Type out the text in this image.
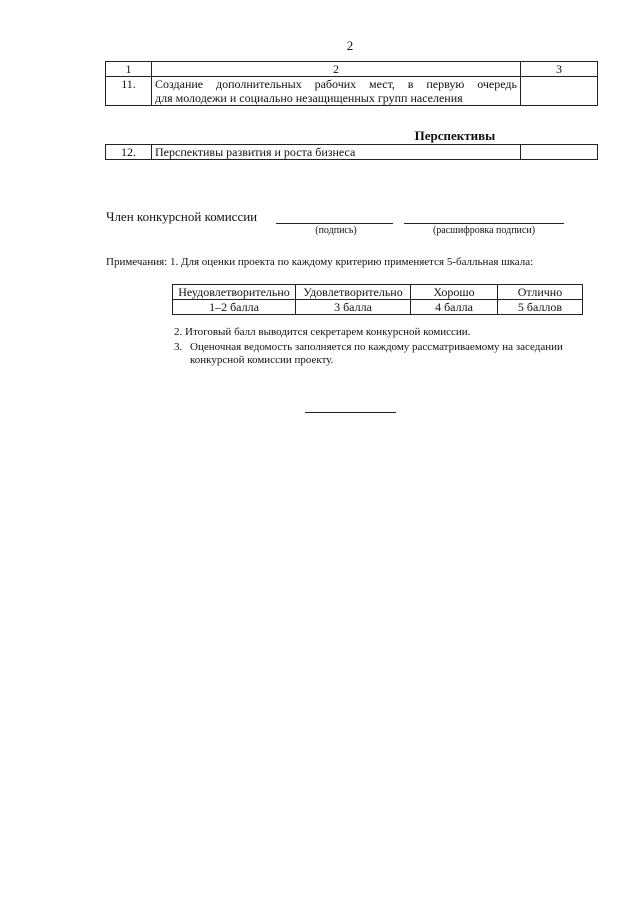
2
1	2	3
11.	Создание дополнительных рабочих мест, в первую очередь
для молодежи и социально незащищенных групп населения	

Перспективы
12.	Перспективы развития и роста бизнеса	
Член конкурсной комиссии
(подпись)	(расшифровка подписи)
Примечания: 1. Для оценки проекта по каждому критерию применяется 5-балльная шкала:
Неудовлетворительно	Удовлетворительно	Хорошо	Отлично
1–2 балла	3 балла	4 балла	5 баллов
2. Итоговый балл выводится секретарем конкурсной комиссии.
3. Оценочная ведомость заполняется по каждому рассматриваемому на заседании
конкурсной комиссии проекту.
